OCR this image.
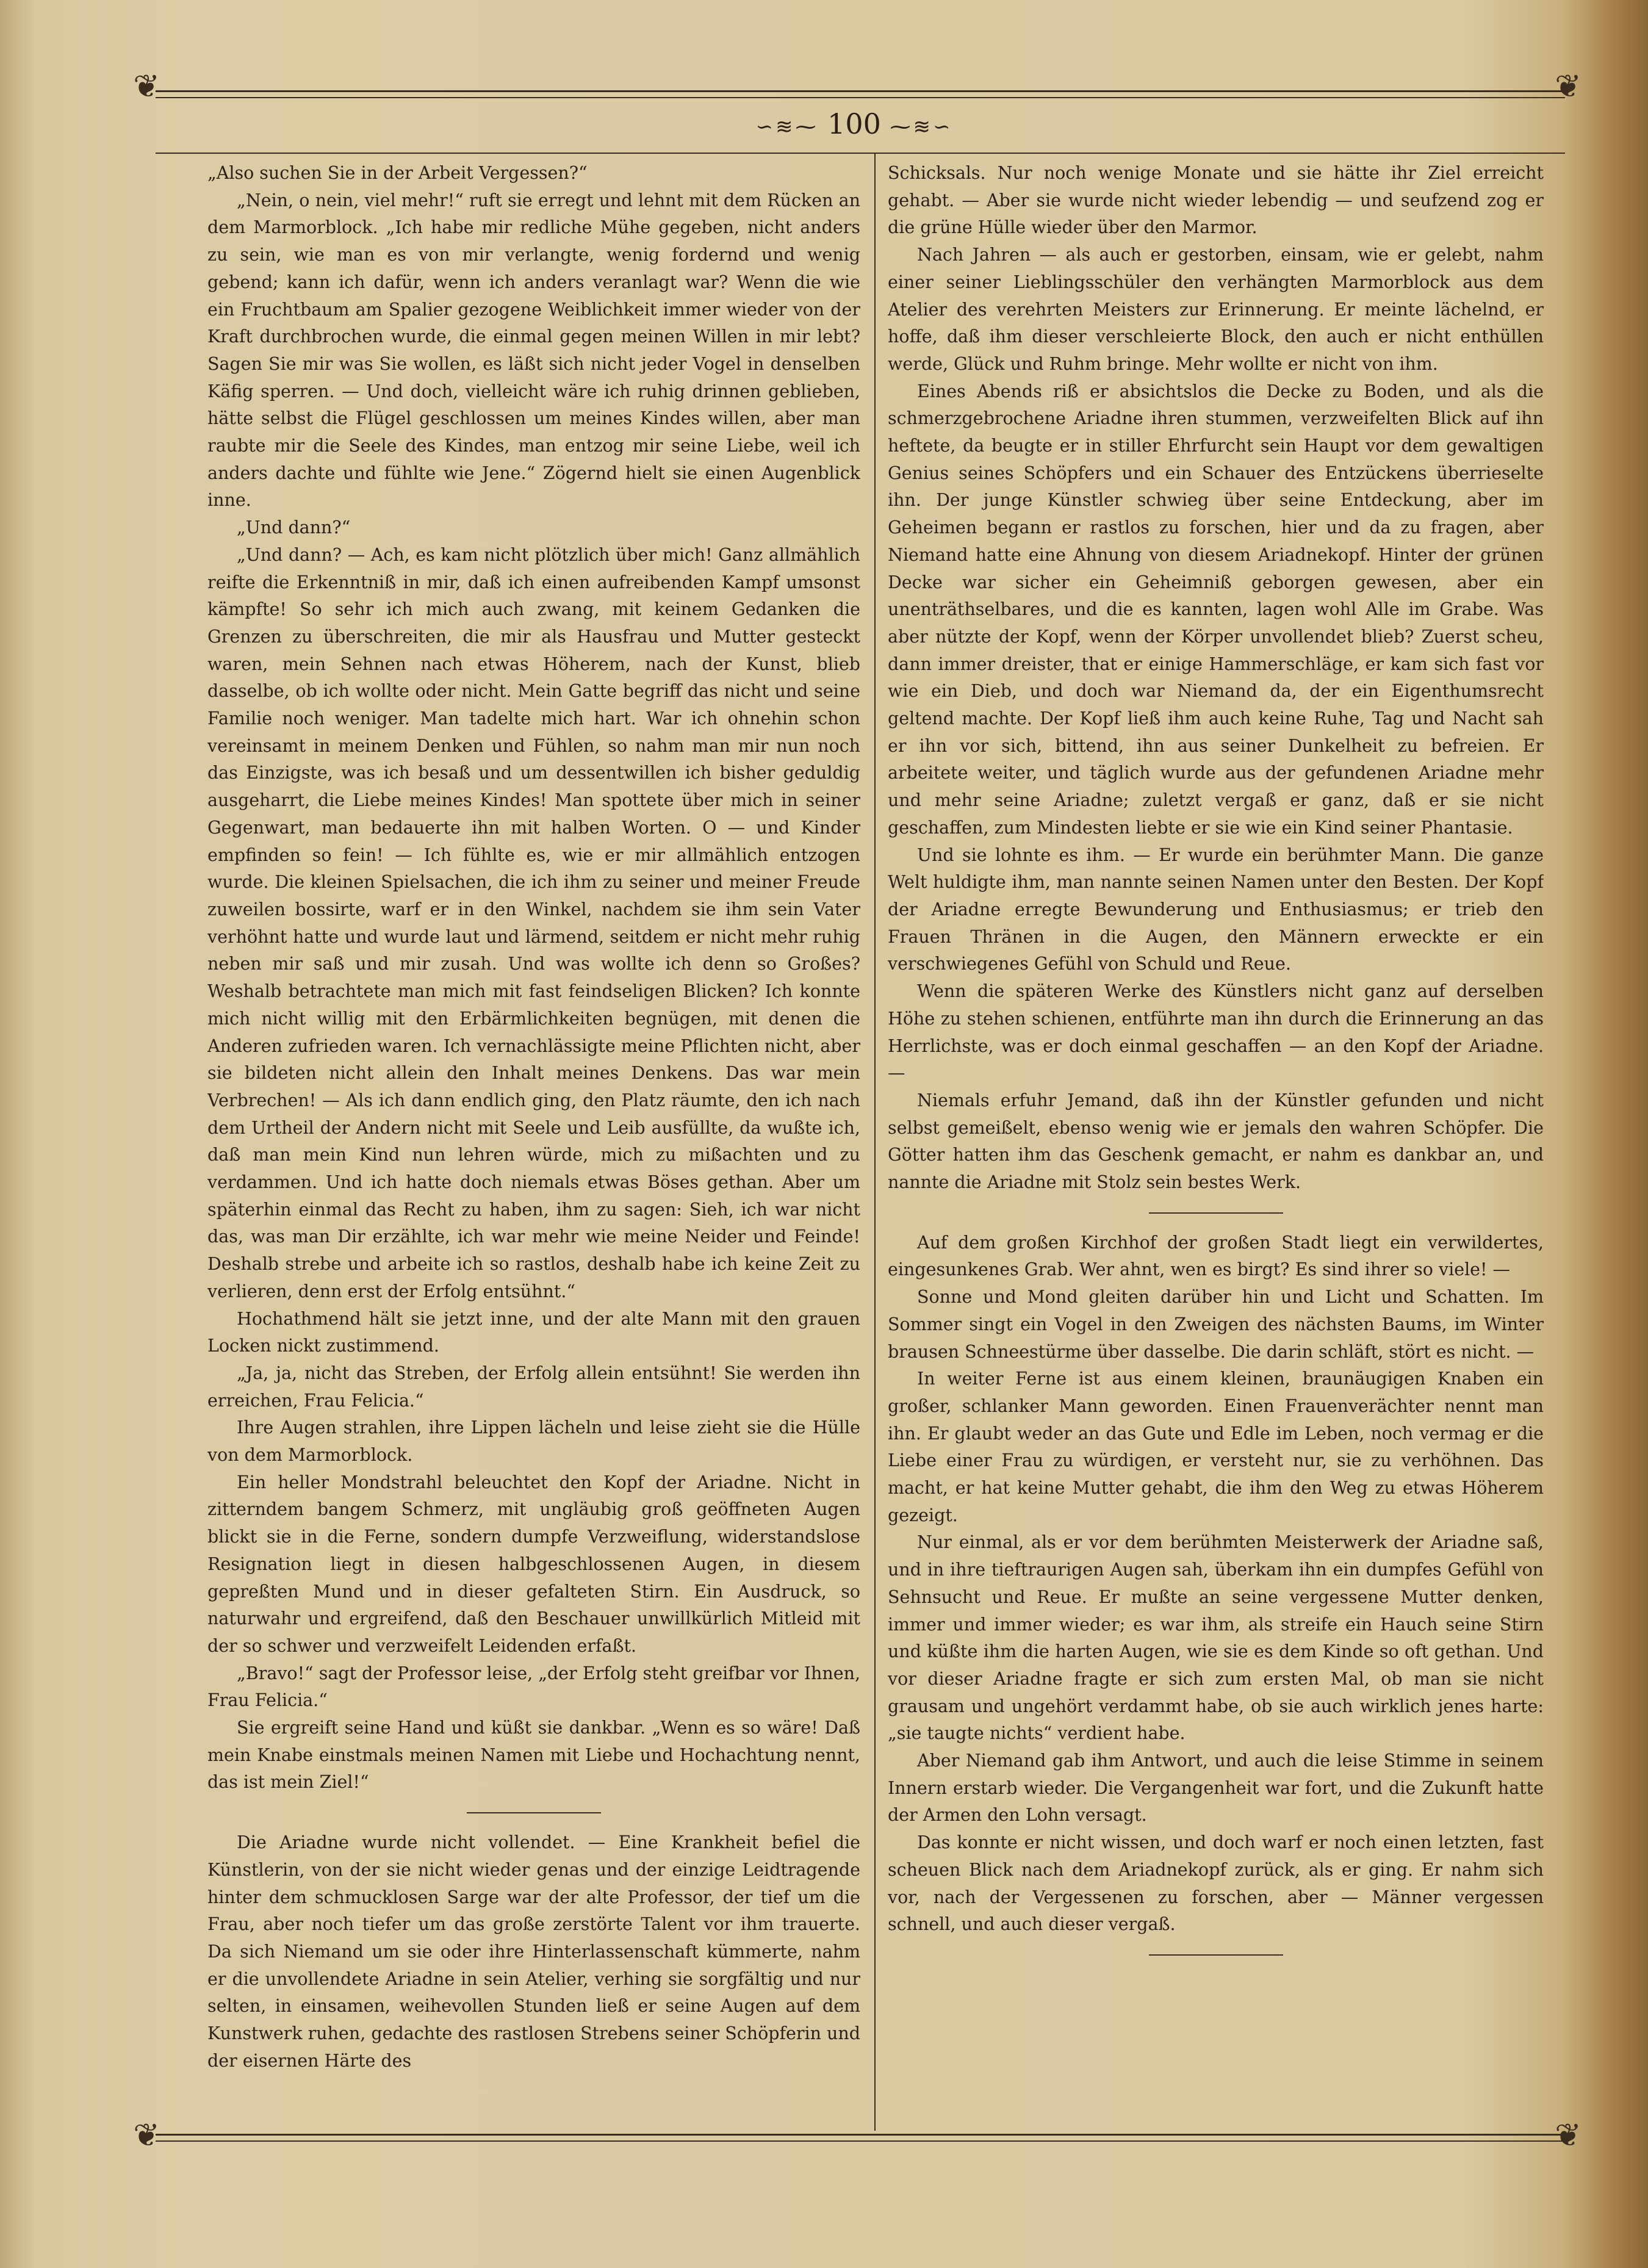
❦	❦
❦	❦
∽≋⁓ 100 ⁓≋∽

„Also suchen Sie in der Arbeit Vergessen?“

„Nein, o nein, viel mehr!“ ruft sie erregt und lehnt mit dem Rücken an dem Marmorblock. „Ich habe mir redliche Mühe gegeben, nicht anders zu sein, wie man es von mir verlangte, wenig fordernd und wenig gebend; kann ich dafür, wenn ich anders veranlagt war? Wenn die wie ein Fruchtbaum am Spalier gezogene Weiblichkeit immer wieder von der Kraft durchbrochen wurde, die einmal gegen meinen Willen in mir lebt? Sagen Sie mir was Sie wollen, es läßt sich nicht jeder Vogel in denselben Käfig sperren. — Und doch, vielleicht wäre ich ruhig drinnen geblieben, hätte selbst die Flügel geschlossen um meines Kindes willen, aber man raubte mir die Seele des Kindes, man entzog mir seine Liebe, weil ich anders dachte und fühlte wie Jene.“ Zögernd hielt sie einen Augenblick inne.

„Und dann?“

„Und dann? — Ach, es kam nicht plötzlich über mich! Ganz allmählich reifte die Erkenntniß in mir, daß ich einen aufreibenden Kampf umsonst kämpfte! So sehr ich mich auch zwang, mit keinem Gedanken die Grenzen zu überschreiten, die mir als Hausfrau und Mutter gesteckt waren, mein Sehnen nach etwas Höherem, nach der Kunst, blieb dasselbe, ob ich wollte oder nicht. Mein Gatte begriff das nicht und seine Familie noch weniger. Man tadelte mich hart. War ich ohnehin schon vereinsamt in meinem Denken und Fühlen, so nahm man mir nun noch das Einzigste, was ich besaß und um dessentwillen ich bisher geduldig ausgeharrt, die Liebe meines Kindes! Man spottete über mich in seiner Gegenwart, man bedauerte ihn mit halben Worten. O — und Kinder empfinden so fein! — Ich fühlte es, wie er mir allmählich entzogen wurde. Die kleinen Spielsachen, die ich ihm zu seiner und meiner Freude zuweilen bossirte, warf er in den Winkel, nachdem sie ihm sein Vater verhöhnt hatte und wurde laut und lärmend, seitdem er nicht mehr ruhig neben mir saß und mir zusah. Und was wollte ich denn so Großes? Weshalb betrachtete man mich mit fast feindseligen Blicken? Ich konnte mich nicht willig mit den Erbärmlichkeiten begnügen, mit denen die Anderen zufrieden waren. Ich vernachlässigte meine Pflichten nicht, aber sie bildeten nicht allein den Inhalt meines Denkens. Das war mein Verbrechen! — Als ich dann endlich ging, den Platz räumte, den ich nach dem Urtheil der Andern nicht mit Seele und Leib ausfüllte, da wußte ich, daß man mein Kind nun lehren würde, mich zu mißachten und zu verdammen. Und ich hatte doch niemals etwas Böses gethan. Aber um späterhin einmal das Recht zu haben, ihm zu sagen: Sieh, ich war nicht das, was man Dir erzählte, ich war mehr wie meine Neider und Feinde! Deshalb strebe und arbeite ich so rastlos, deshalb habe ich keine Zeit zu verlieren, denn erst der Erfolg entsühnt.“

Hochathmend hält sie jetzt inne, und der alte Mann mit den grauen Locken nickt zustimmend.

„Ja, ja, nicht das Streben, der Erfolg allein entsühnt! Sie werden ihn erreichen, Frau Felicia.“

Ihre Augen strahlen, ihre Lippen lächeln und leise zieht sie die Hülle von dem Marmorblock.

Ein heller Mondstrahl beleuchtet den Kopf der Ariadne. Nicht in zitterndem bangem Schmerz, mit ungläubig groß geöffneten Augen blickt sie in die Ferne, sondern dumpfe Verzweiflung, widerstandslose Resignation liegt in diesen halbgeschlossenen Augen, in diesem gepreßten Mund und in dieser gefalteten Stirn. Ein Ausdruck, so naturwahr und ergreifend, daß den Beschauer unwillkürlich Mitleid mit der so schwer und verzweifelt Leidenden erfaßt.

„Bravo!“ sagt der Professor leise, „der Erfolg steht greifbar vor Ihnen, Frau Felicia.“

Sie ergreift seine Hand und küßt sie dankbar. „Wenn es so wäre! Daß mein Knabe einstmals meinen Namen mit Liebe und Hochachtung nennt, das ist mein Ziel!“

Die Ariadne wurde nicht vollendet. — Eine Krankheit befiel die Künstlerin, von der sie nicht wieder genas und der einzige Leidtragende hinter dem schmucklosen Sarge war der alte Professor, der tief um die Frau, aber noch tiefer um das große zerstörte Talent vor ihm trauerte. Da sich Niemand um sie oder ihre Hinterlassenschaft kümmerte, nahm er die unvollendete Ariadne in sein Atelier, verhing sie sorgfältig und nur selten, in einsamen, weihevollen Stunden ließ er seine Augen auf dem Kunstwerk ruhen, gedachte des rastlosen Strebens seiner Schöpferin und der eisernen Härte des

Schicksals. Nur noch wenige Monate und sie hätte ihr Ziel erreicht gehabt. — Aber sie wurde nicht wieder lebendig — und seufzend zog er die grüne Hülle wieder über den Marmor.

Nach Jahren — als auch er gestorben, einsam, wie er gelebt, nahm einer seiner Lieblingsschüler den verhängten Marmorblock aus dem Atelier des verehrten Meisters zur Erinnerung. Er meinte lächelnd, er hoffe, daß ihm dieser verschleierte Block, den auch er nicht enthüllen werde, Glück und Ruhm bringe. Mehr wollte er nicht von ihm.

Eines Abends riß er absichtslos die Decke zu Boden, und als die schmerzgebrochene Ariadne ihren stummen, verzweifelten Blick auf ihn heftete, da beugte er in stiller Ehrfurcht sein Haupt vor dem gewaltigen Genius seines Schöpfers und ein Schauer des Entzückens überrieselte ihn. Der junge Künstler schwieg über seine Entdeckung, aber im Geheimen begann er rastlos zu forschen, hier und da zu fragen, aber Niemand hatte eine Ahnung von diesem Ariadnekopf. Hinter der grünen Decke war sicher ein Geheimniß geborgen gewesen, aber ein unenträthselbares, und die es kannten, lagen wohl Alle im Grabe. Was aber nützte der Kopf, wenn der Körper unvollendet blieb? Zuerst scheu, dann immer dreister, that er einige Hammerschläge, er kam sich fast vor wie ein Dieb, und doch war Niemand da, der ein Eigenthumsrecht geltend machte. Der Kopf ließ ihm auch keine Ruhe, Tag und Nacht sah er ihn vor sich, bittend, ihn aus seiner Dunkelheit zu befreien. Er arbeitete weiter, und täglich wurde aus der gefundenen Ariadne mehr und mehr seine Ariadne; zuletzt vergaß er ganz, daß er sie nicht geschaffen, zum Mindesten liebte er sie wie ein Kind seiner Phantasie.

Und sie lohnte es ihm. — Er wurde ein berühmter Mann. Die ganze Welt huldigte ihm, man nannte seinen Namen unter den Besten. Der Kopf der Ariadne erregte Bewunderung und Enthusiasmus; er trieb den Frauen Thränen in die Augen, den Männern erweckte er ein verschwiegenes Gefühl von Schuld und Reue.

Wenn die späteren Werke des Künstlers nicht ganz auf derselben Höhe zu stehen schienen, entführte man ihn durch die Erinnerung an das Herrlichste, was er doch einmal geschaffen — an den Kopf der Ariadne. —

Niemals erfuhr Jemand, daß ihn der Künstler gefunden und nicht selbst gemeißelt, ebenso wenig wie er jemals den wahren Schöpfer. Die Götter hatten ihm das Geschenk gemacht, er nahm es dankbar an, und nannte die Ariadne mit Stolz sein bestes Werk.

Auf dem großen Kirchhof der großen Stadt liegt ein verwildertes, eingesunkenes Grab. Wer ahnt, wen es birgt? Es sind ihrer so viele! —

Sonne und Mond gleiten darüber hin und Licht und Schatten. Im Sommer singt ein Vogel in den Zweigen des nächsten Baums, im Winter brausen Schneestürme über dasselbe. Die darin schläft, stört es nicht. —

In weiter Ferne ist aus einem kleinen, braunäugigen Knaben ein großer, schlanker Mann geworden. Einen Frauenverächter nennt man ihn. Er glaubt weder an das Gute und Edle im Leben, noch vermag er die Liebe einer Frau zu würdigen, er versteht nur, sie zu verhöhnen. Das macht, er hat keine Mutter gehabt, die ihm den Weg zu etwas Höherem gezeigt.

Nur einmal, als er vor dem berühmten Meisterwerk der Ariadne saß, und in ihre tieftraurigen Augen sah, überkam ihn ein dumpfes Gefühl von Sehnsucht und Reue. Er mußte an seine vergessene Mutter denken, immer und immer wieder; es war ihm, als streife ein Hauch seine Stirn und küßte ihm die harten Augen, wie sie es dem Kinde so oft gethan. Und vor dieser Ariadne fragte er sich zum ersten Mal, ob man sie nicht grausam und ungehört verdammt habe, ob sie auch wirklich jenes harte: „sie taugte nichts“ verdient habe.

Aber Niemand gab ihm Antwort, und auch die leise Stimme in seinem Innern erstarb wieder. Die Vergangenheit war fort, und die Zukunft hatte der Armen den Lohn versagt.

Das konnte er nicht wissen, und doch warf er noch einen letzten, fast scheuen Blick nach dem Ariadnekopf zurück, als er ging. Er nahm sich vor, nach der Vergessenen zu forschen, aber — Männer vergessen schnell, und auch dieser vergaß.
